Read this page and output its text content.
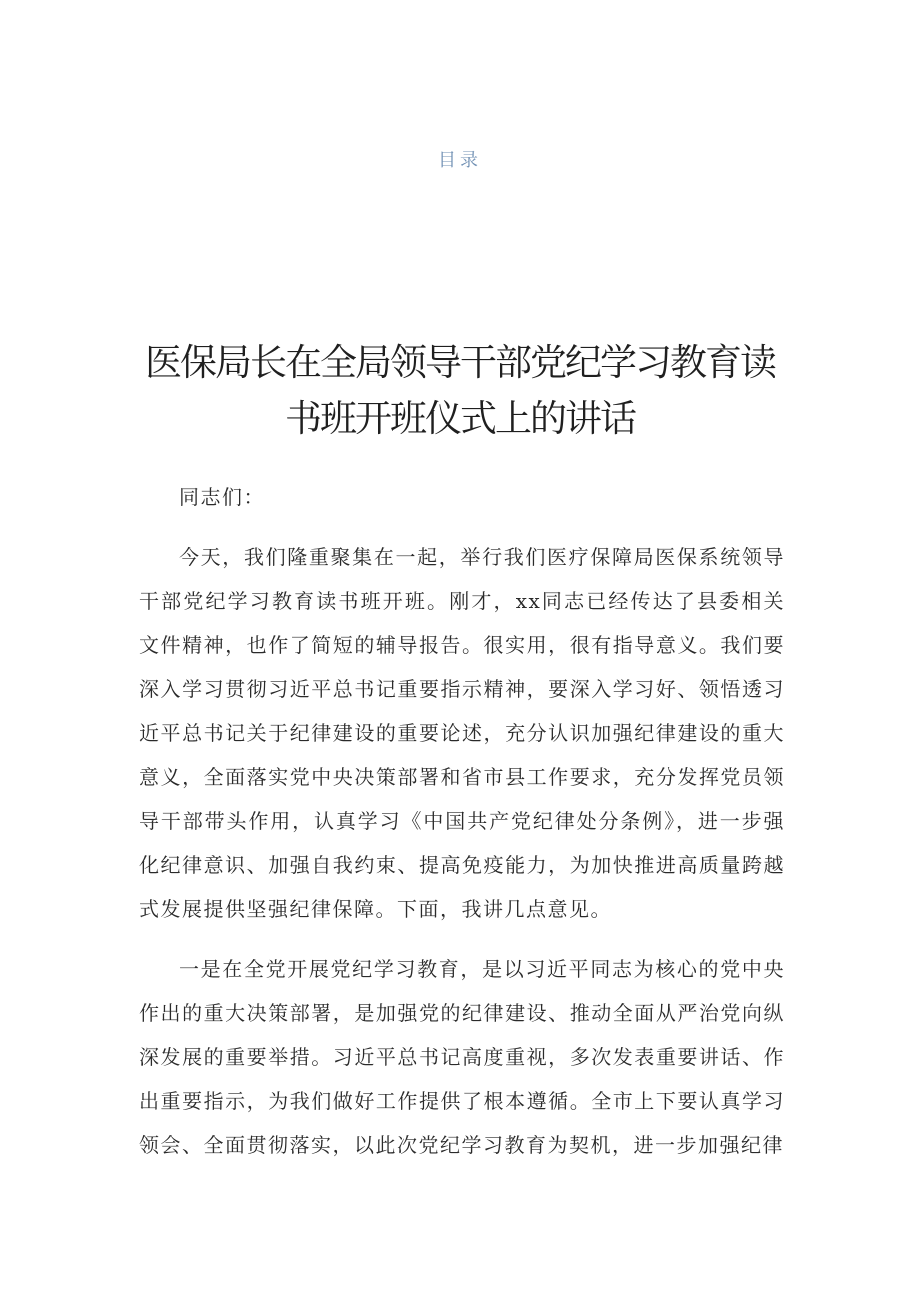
目录
医保局长在全局领导干部党纪学习教育读书班开班仪式上的讲话

同志们：

今天，我们隆重聚集在一起，举行我们医疗保障局医保系统领导干部党纪学习教育读书班开班。刚才，xx同志已经传达了县委相关文件精神，也作了简短的辅导报告。很实用，很有指导意义。我们要深入学习贯彻习近平总书记重要指示精神，要深入学习好、领悟透习近平总书记关于纪律建设的重要论述，充分认识加强纪律建设的重大意义，全面落实党中央决策部署和省市县工作要求，充分发挥党员领导干部带头作用，认真学习《中国共产党纪律处分条例》，进一步强化纪律意识、加强自我约束、提高免疫能力，为加快推进高质量跨越式发展提供坚强纪律保障。下面，我讲几点意见。

一是在全党开展党纪学习教育，是以习近平同志为核心的党中央作出的重大决策部署，是加强党的纪律建设、推动全面从严治党向纵深发展的重要举措。习近平总书记高度重视，多次发表重要讲话、作出重要指示，为我们做好工作提供了根本遵循。全市上下要认真学习领会、全面贯彻落实，以此次党纪学习教育为契机，进一步加强纪律
